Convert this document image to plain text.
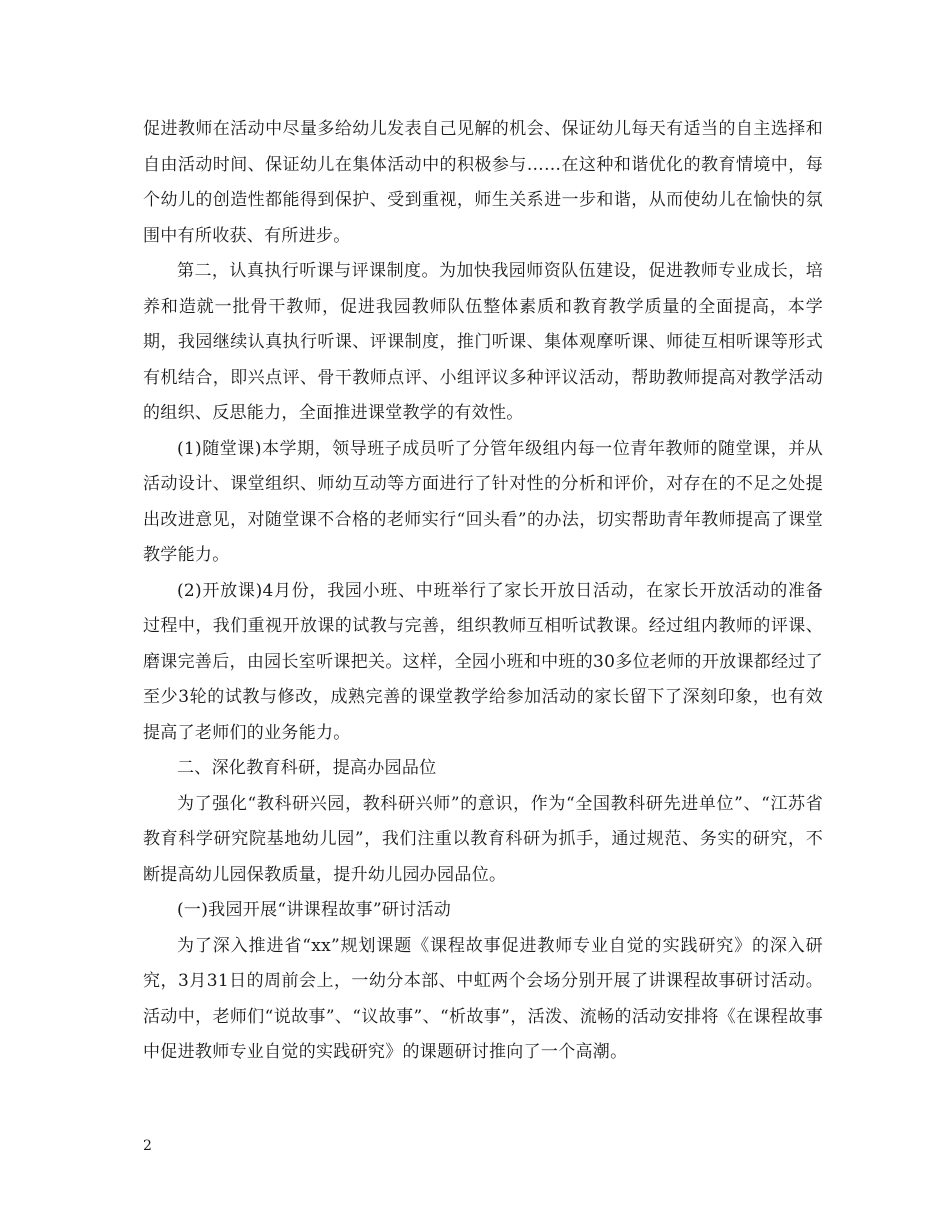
促进教师在活动中尽量多给幼儿发表自己见解的机会、保证幼儿每天有适当的自主选择和自由活动时间、保证幼儿在集体活动中的积极参与……在这种和谐优化的教育情境中，每个幼儿的创造性都能得到保护、受到重视，师生关系进一步和谐，从而使幼儿在愉快的氛围中有所收获、有所进步。

第二，认真执行听课与评课制度。为加快我园师资队伍建设，促进教师专业成长，培养和造就一批骨干教师，促进我园教师队伍整体素质和教育教学质量的全面提高，本学期，我园继续认真执行听课、评课制度，推门听课、集体观摩听课、师徒互相听课等形式有机结合，即兴点评、骨干教师点评、小组评议多种评议活动，帮助教师提高对教学活动的组织、反思能力，全面推进课堂教学的有效性。

(1)随堂课)本学期，领导班子成员听了分管年级组内每一位青年教师的随堂课，并从活动设计、课堂组织、师幼互动等方面进行了针对性的分析和评价，对存在的不足之处提出改进意见，对随堂课不合格的老师实行“回头看”的办法，切实帮助青年教师提高了课堂教学能力。

(2)开放课)4月份，我园小班、中班举行了家长开放日活动，在家长开放活动的准备过程中，我们重视开放课的试教与完善，组织教师互相听试教课。经过组内教师的评课、磨课完善后，由园长室听课把关。这样，全园小班和中班的30多位老师的开放课都经过了至少3轮的试教与修改，成熟完善的课堂教学给参加活动的家长留下了深刻印象，也有效提高了老师们的业务能力。

二、深化教育科研，提高办园品位

为了强化“教科研兴园，教科研兴师”的意识，作为“全国教科研先进单位”、“江苏省教育科学研究院基地幼儿园”，我们注重以教育科研为抓手，通过规范、务实的研究，不断提高幼儿园保教质量，提升幼儿园办园品位。

(一)我园开展“讲课程故事”研讨活动

为了深入推进省“xx”规划课题《课程故事促进教师专业自觉的实践研究》的深入研究，3月31日的周前会上，一幼分本部、中虹两个会场分别开展了讲课程故事研讨活动。活动中，老师们“说故事”、“议故事”、“析故事”，活泼、流畅的活动安排将《在课程故事中促进教师专业自觉的实践研究》的课题研讨推向了一个高潮。

2
